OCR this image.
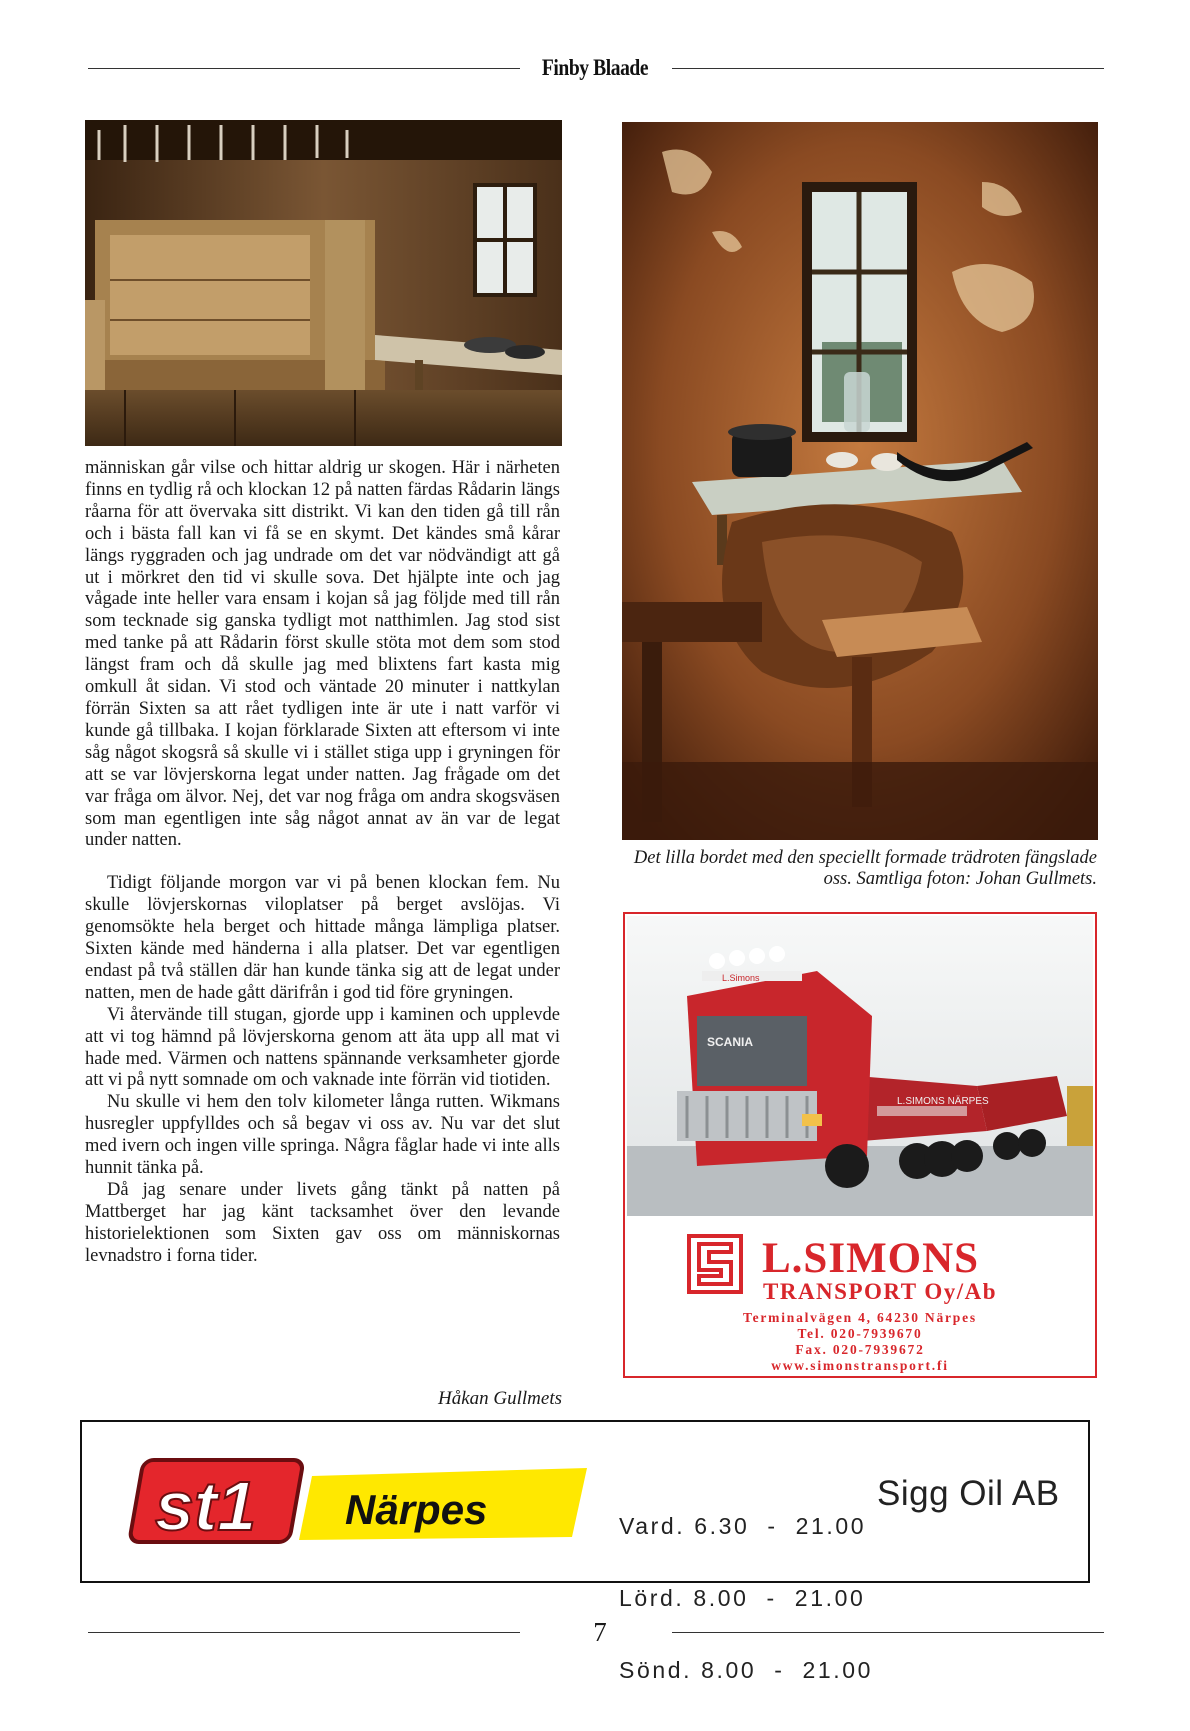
Finby Blaade

människan går vilse och hittar aldrig ur skogen. Här i närheten finns en tydlig rå och klockan 12 på natten färdas Rådarin längs råarna för att övervaka sitt distrikt. Vi kan den tiden gå till rån och i bästa fall kan vi få se en skymt. Det kändes små kårar längs ryggraden och jag undrade om det var nödvändigt att gå ut i mörkret den tid vi skulle sova. Det hjälpte inte och jag vågade inte heller vara ensam i kojan så jag följde med till rån som tecknade sig ganska tydligt mot natthimlen. Jag stod sist med tanke på att Rådarin först skulle stöta mot dem som stod längst fram och då skulle jag med blixtens fart kasta mig omkull åt sidan. Vi stod och väntade 20 minuter i nattkylan förrän Sixten sa att rået tydligen inte är ute i natt varför vi kunde gå tillbaka. I kojan förklarade Sixten att eftersom vi inte såg något skogsrå så skulle vi i stället stiga upp i gryningen för att se var lövjerskorna legat under natten. Jag frågade om det var fråga om älvor. Nej, det var nog fråga om andra skogsväsen som man egentligen inte såg något annat av än var de legat under natten.

Tidigt följande morgon var vi på benen klockan fem. Nu skulle lövjerskornas viloplatser på berget avslöjas. Vi genomsökte hela berget och hittade många lämpliga platser. Sixten kände med händerna i alla platser. Det var egentligen endast på två ställen där han kunde tänka sig att de legat under natten, men de hade gått därifrån i god tid före gryningen.

Vi återvände till stugan, gjorde upp i kaminen och upplevde att vi tog hämnd på lövjerskorna genom att äta upp all mat vi hade med. Värmen och nattens spännande verksamheter gjorde att vi på nytt somnade om och vaknade inte förrän vid tiotiden.

Nu skulle vi hem den tolv kilometer långa rutten. Wikmans husregler uppfylldes och så begav vi oss av. Nu var det slut med ivern och ingen ville springa. Några fåglar hade vi inte alls hunnit tänka på.

Då jag senare under livets gång tänkt på natten på Mattberget har jag känt tacksamhet över den levande historielektionen som Sixten gav oss om människornas levnadstro i forna tider.

Håkan Gullmets
Det lilla bordet med den speciellt formade trädroten fängslade oss. Samtliga foton: Johan Gullmets.
SCANIA
L.Simons
L.SIMONS NÄRPES
L.SIMONS
TRANSPORT Oy/Ab
Terminalvägen 4, 64230 Närpes
Tel. 020-7939670
Fax. 020-7939672
www.simonstransport.fi
st1 Närpes

	Vard. 6.30  -  21.00

Lörd. 8.00  -  21.00

Sönd. 8.00  -  21.00

Sigg Oil AB
7
